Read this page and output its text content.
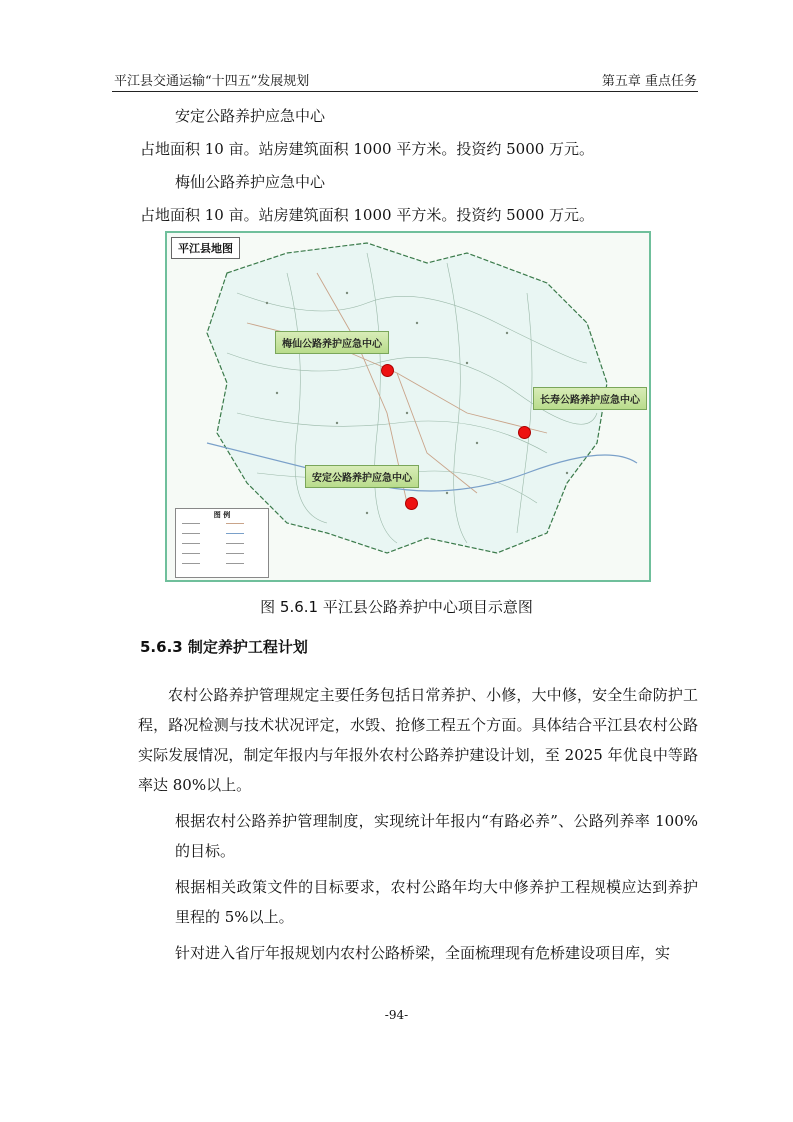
平江县交通运输“十四五”发展规划	第五章 重点任务
安定公路养护应急中心
占地面积 10 亩。站房建筑面积 1000 平方米。投资约 5000 万元。
梅仙公路养护应急中心
占地面积 10 亩。站房建筑面积 1000 平方米。投资约 5000 万元。
平江县地图
梅仙公路养护应急中心
长寿公路养护应急中心
安定公路养护应急中心
图 例
图 5.6.1 平江县公路养护中心项目示意图
5.6.3 制定养护工程计划

农村公路养护管理规定主要任务包括日常养护、小修，大中修，安全生命防护工程，路况检测与技术状况评定，水毁、抢修工程五个方面。具体结合平江县农村公路实际发展情况，制定年报内与年报外农村公路养护建设计划，至 2025 年优良中等路率达 80%以上。

根据农村公路养护管理制度，实现统计年报内“有路必养”、公路列养率 100%的目标。
根据相关政策文件的目标要求，农村公路年均大中修养护工程规模应达到养护里程的 5%以上。
针对进入省厅年报规划内农村公路桥梁，全面梳理现有危桥建设项目库，实
-94-
